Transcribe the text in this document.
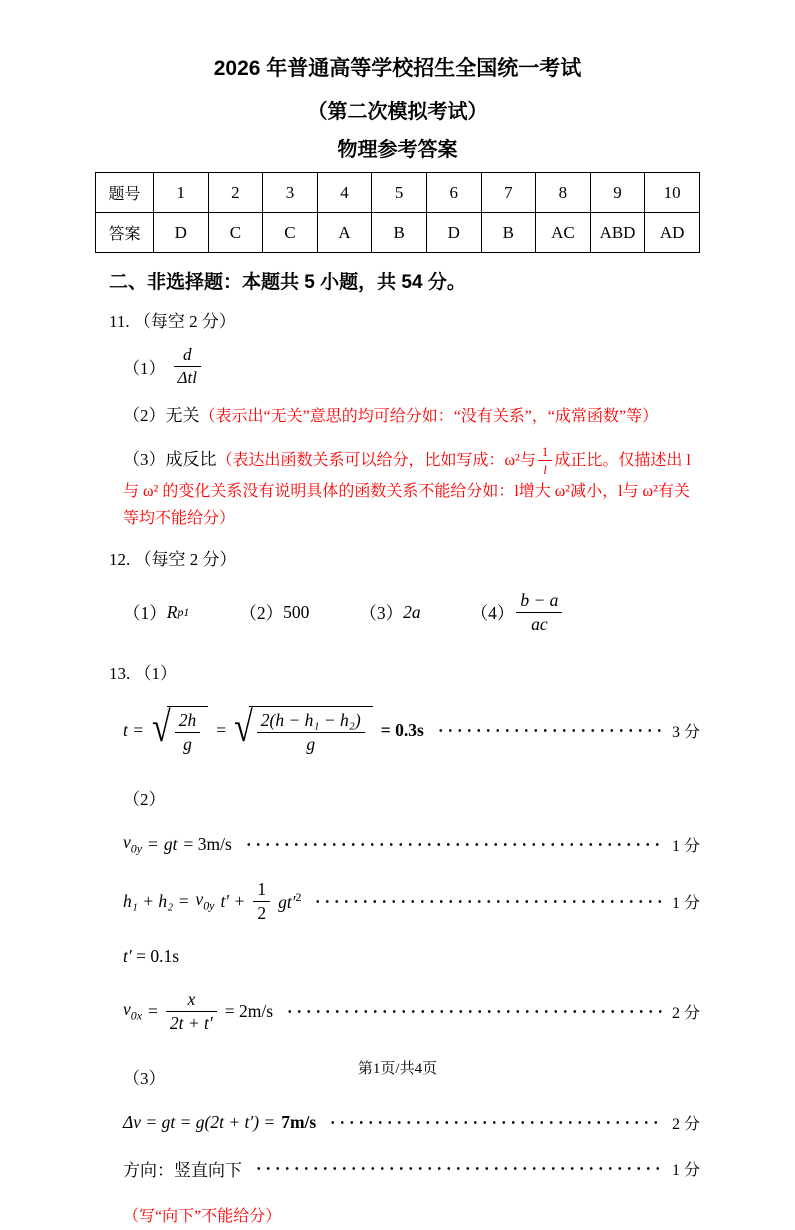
2026 年普通高等学校招生全国统一考试
（第二次模拟考试）
物理参考答案
题号	1	2	3	4	5	6	7	8	9	10
答案	D	C	C	A	B	D	B	AC	ABD	AD
二、非选择题：本题共 5 小题，共 54 分。
11. （每空 2 分）
$(1) \frac{d}{\text{Δtl}}$
（2）无关（表示出“无关”意思的均可给分如：“没有关系”，“成常函数”等）
（3）成反比（表达出函数关系可以给分，比如写成：ω²与 $\frac{1}{l}$ 成正比。仅描述出 l 与 ω² 的变化关系没有说明具体的函数关系不能给分如：l增大 ω²减小，l与 ω²有关等均不能给分）
12. （每空 2 分）
（1） R p1	（2） 500	（3） 2a	$(4) \frac{b - a}{ac}$
13. （1）
t = √ $\frac{2h}{g}$ = √ $\frac{\text{2(h − h₁ − h₂)}}{g} = 0.3s$	3 分
（2）
$v_{0y}$ = gt = 3m/s	1 分
$h_1 + h_2 = v_{0y}$ $t' + \frac{1}{2} gt'^2$	1 分
t′ = 0.1s
$v_{0x} = \frac{x}{2t + t'} = 2m/s$	2 分
（3）
Δv = gt = g(2t + t′) = 7m/s	2 分
方向：竖直向下	1 分
（写“向下”不能给分）
第1页/共4页
